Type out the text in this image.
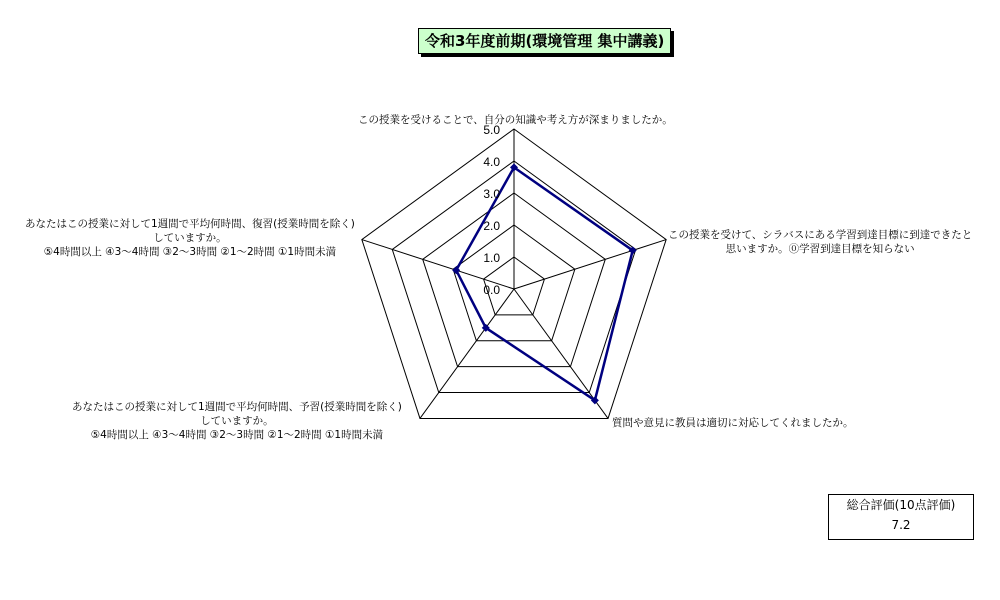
0.0
1.0
2.0
3.0
4.0
5.0
令和3年度前期(環境管理 集中講義)
この授業を受けることで、自分の知識や考え方が深まりましたか。
この授業を受けて、シラバスにある学習到達目標に到達できたと
思いますか。⓪学習到達目標を知らない
質問や意見に教員は適切に対応してくれましたか。
あなたはこの授業に対して1週間で平均何時間、予習(授業時間を除く)
していますか。
⑤4時間以上 ④3～4時間 ③2～3時間 ②1～2時間 ①1時間未満
あなたはこの授業に対して1週間で平均何時間、復習(授業時間を除く)
していますか。
⑤4時間以上 ④3～4時間 ③2～3時間 ②1～2時間 ①1時間未満
総合評価(10点評価)
7.2
